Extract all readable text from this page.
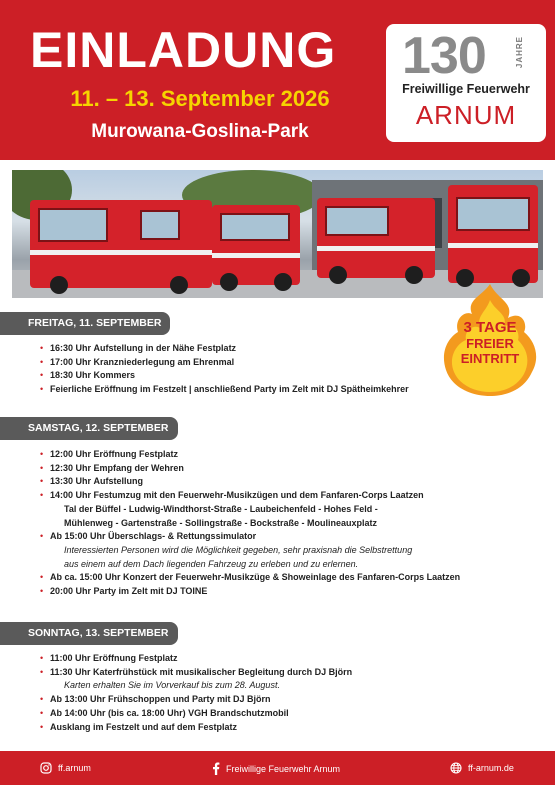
EINLADUNG
11. – 13. September 2026
Murowana-Goslina-Park
130	JAHRE
Freiwillige Feuerwehr
ARNUM
3 TAGE
FREIER
EINTRITT
FREITAG, 11. SEPTEMBER
• 16:30 Uhr Aufstellung in der Nähe Festplatz
• 17:00 Uhr Kranzniederlegung am Ehrenmal
• 18:30 Uhr Kommers
• Feierliche Eröffnung im Festzelt | anschließend Party im Zelt mit DJ Spätheimkehrer
SAMSTAG, 12. SEPTEMBER
• 12:00 Uhr Eröffnung Festplatz
• 12:30 Uhr Empfang der Wehren
• 13:30 Uhr Aufstellung
• 14:00 Uhr Festumzug mit den Feuerwehr-Musikzügen und dem Fanfaren-Corps Laatzen
Tal der Büffel - Ludwig-Windthorst-Straße - Laubeichenfeld - Hohes Feld -
Mühlenweg - Gartenstraße - Sollingstraße - Bockstraße - Moulineauxplatz
• Ab 15:00 Uhr Überschlags- & Rettungssimulator
Interessierten Personen wird die Möglichkeit gegeben, sehr praxisnah die Selbstrettung
aus einem auf dem Dach liegenden Fahrzeug zu erleben und zu erlernen.
• Ab ca. 15:00 Uhr Konzert der Feuerwehr-Musikzüge & Showeinlage des Fanfaren-Corps Laatzen
• 20:00 Uhr Party im Zelt mit DJ TOINE
SONNTAG, 13. SEPTEMBER
• 11:00 Uhr Eröffnung Festplatz
• 11:30 Uhr Katerfrühstück mit musikalischer Begleitung durch DJ Björn
Karten erhalten Sie im Vorverkauf bis zum 28. August.
• Ab 13:00 Uhr Frühschoppen und Party mit DJ Björn
• Ab 14:00 Uhr (bis ca. 18:00 Uhr) VGH Brandschutzmobil
• Ausklang im Festzelt und auf dem Festplatz
ff.arnum	Freiwillige Feuerwehr Arnum	ff-arnum.de
